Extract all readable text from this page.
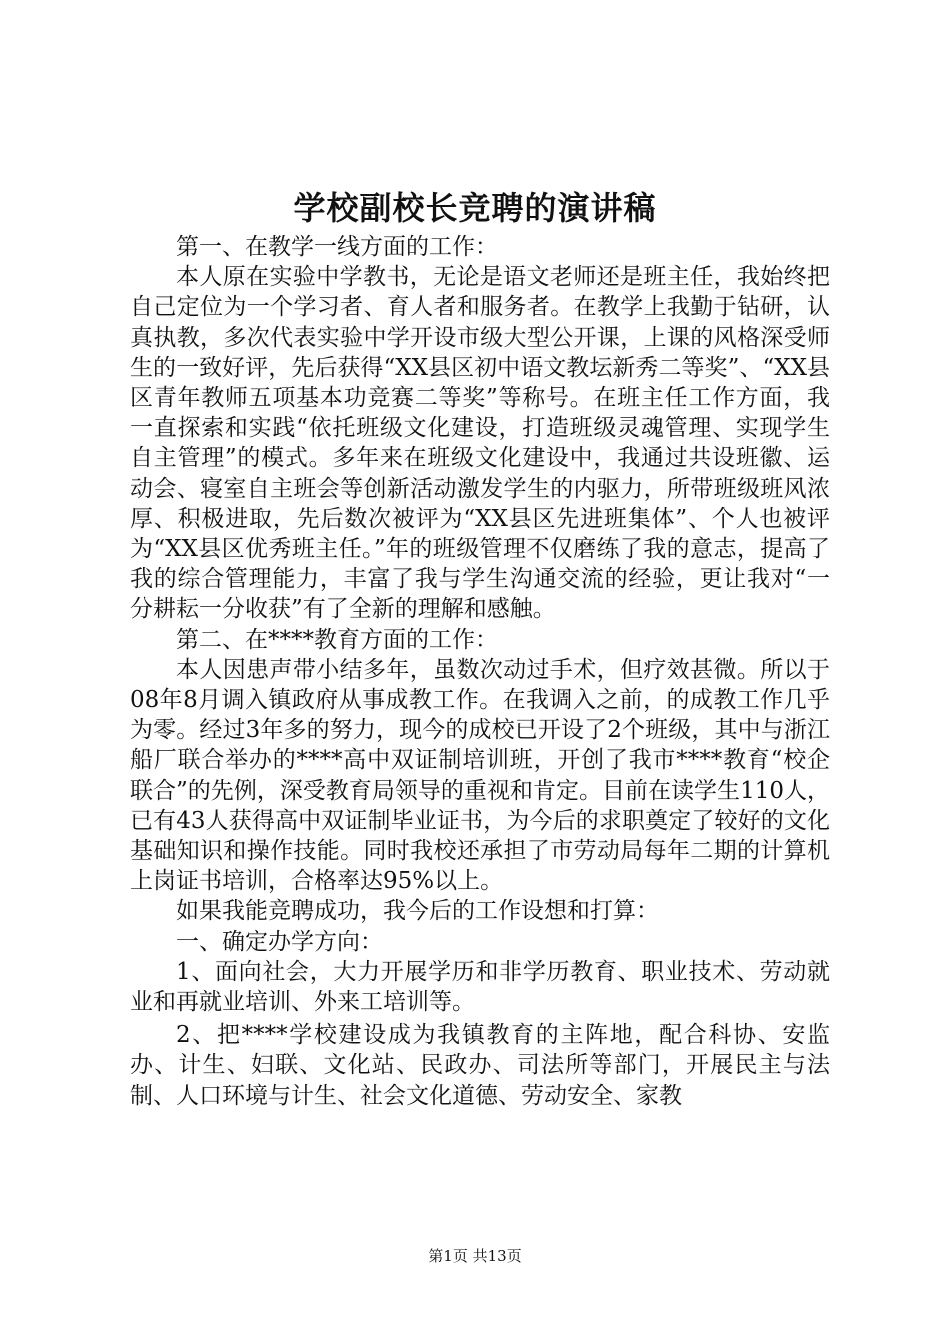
学校副校长竞聘的演讲稿

第一、在教学一线方面的工作：

本人原在实验中学教书，无论是语文老师还是班主任，我始终把自己定位为一个学习者、育人者和服务者。在教学上我勤于钻研，认真执教，多次代表实验中学开设市级大型公开课，上课的风格深受师生的一致好评，先后获得“XX县区初中语文教坛新秀二等奖”、“XX县区青年教师五项基本功竞赛二等奖”等称号。在班主任工作方面，我一直探索和实践“依托班级文化建设，打造班级灵魂管理、实现学生自主管理”的模式。多年来在班级文化建设中，我通过共设班徽、运动会、寝室自主班会等创新活动激发学生的内驱力，所带班级班风浓厚、积极进取，先后数次被评为“XX县区先进班集体”、个人也被评为“XX县区优秀班主任。”年的班级管理不仅磨练了我的意志，提高了我的综合管理能力，丰富了我与学生沟通交流的经验，更让我对“一分耕耘一分收获”有了全新的理解和感触。

第二、在****教育方面的工作：

本人因患声带小结多年，虽数次动过手术，但疗效甚微。所以于08年8月调入镇政府从事成教工作。在我调入之前，的成教工作几乎为零。经过3年多的努力，现今的成校已开设了2个班级，其中与浙江船厂联合举办的****高中双证制培训班，开创了我市****教育“校企联合”的先例，深受教育局领导的重视和肯定。目前在读学生110人，已有43人获得高中双证制毕业证书，为今后的求职奠定了较好的文化基础知识和操作技能。同时我校还承担了市劳动局每年二期的计算机上岗证书培训，合格率达95%以上。

如果我能竞聘成功，我今后的工作设想和打算：

一、确定办学方向：

1、面向社会，大力开展学历和非学历教育、职业技术、劳动就业和再就业培训、外来工培训等。

2、把****学校建设成为我镇教育的主阵地，配合科协、安监办、计生、妇联、文化站、民政办、司法所等部门，开展民主与法制、人口环境与计生、社会文化道德、劳动安全、家教

第1页 共13页
